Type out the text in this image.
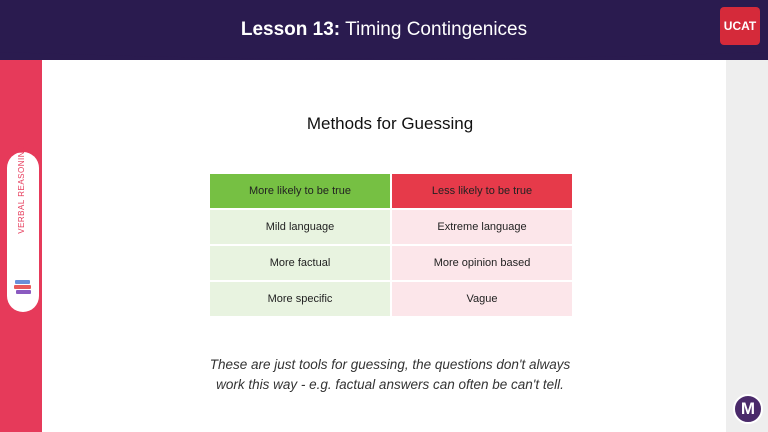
Lesson 13: Timing Contingenices	UCAT
VERBAL REASONING
Methods for Guessing
More likely to be true	Less likely to be true
Mild language	Extreme language
More factual	More opinion based
More specific	Vague
These are just tools for guessing, the questions don't always
work this way - e.g. factual answers can often be can't tell.
M
